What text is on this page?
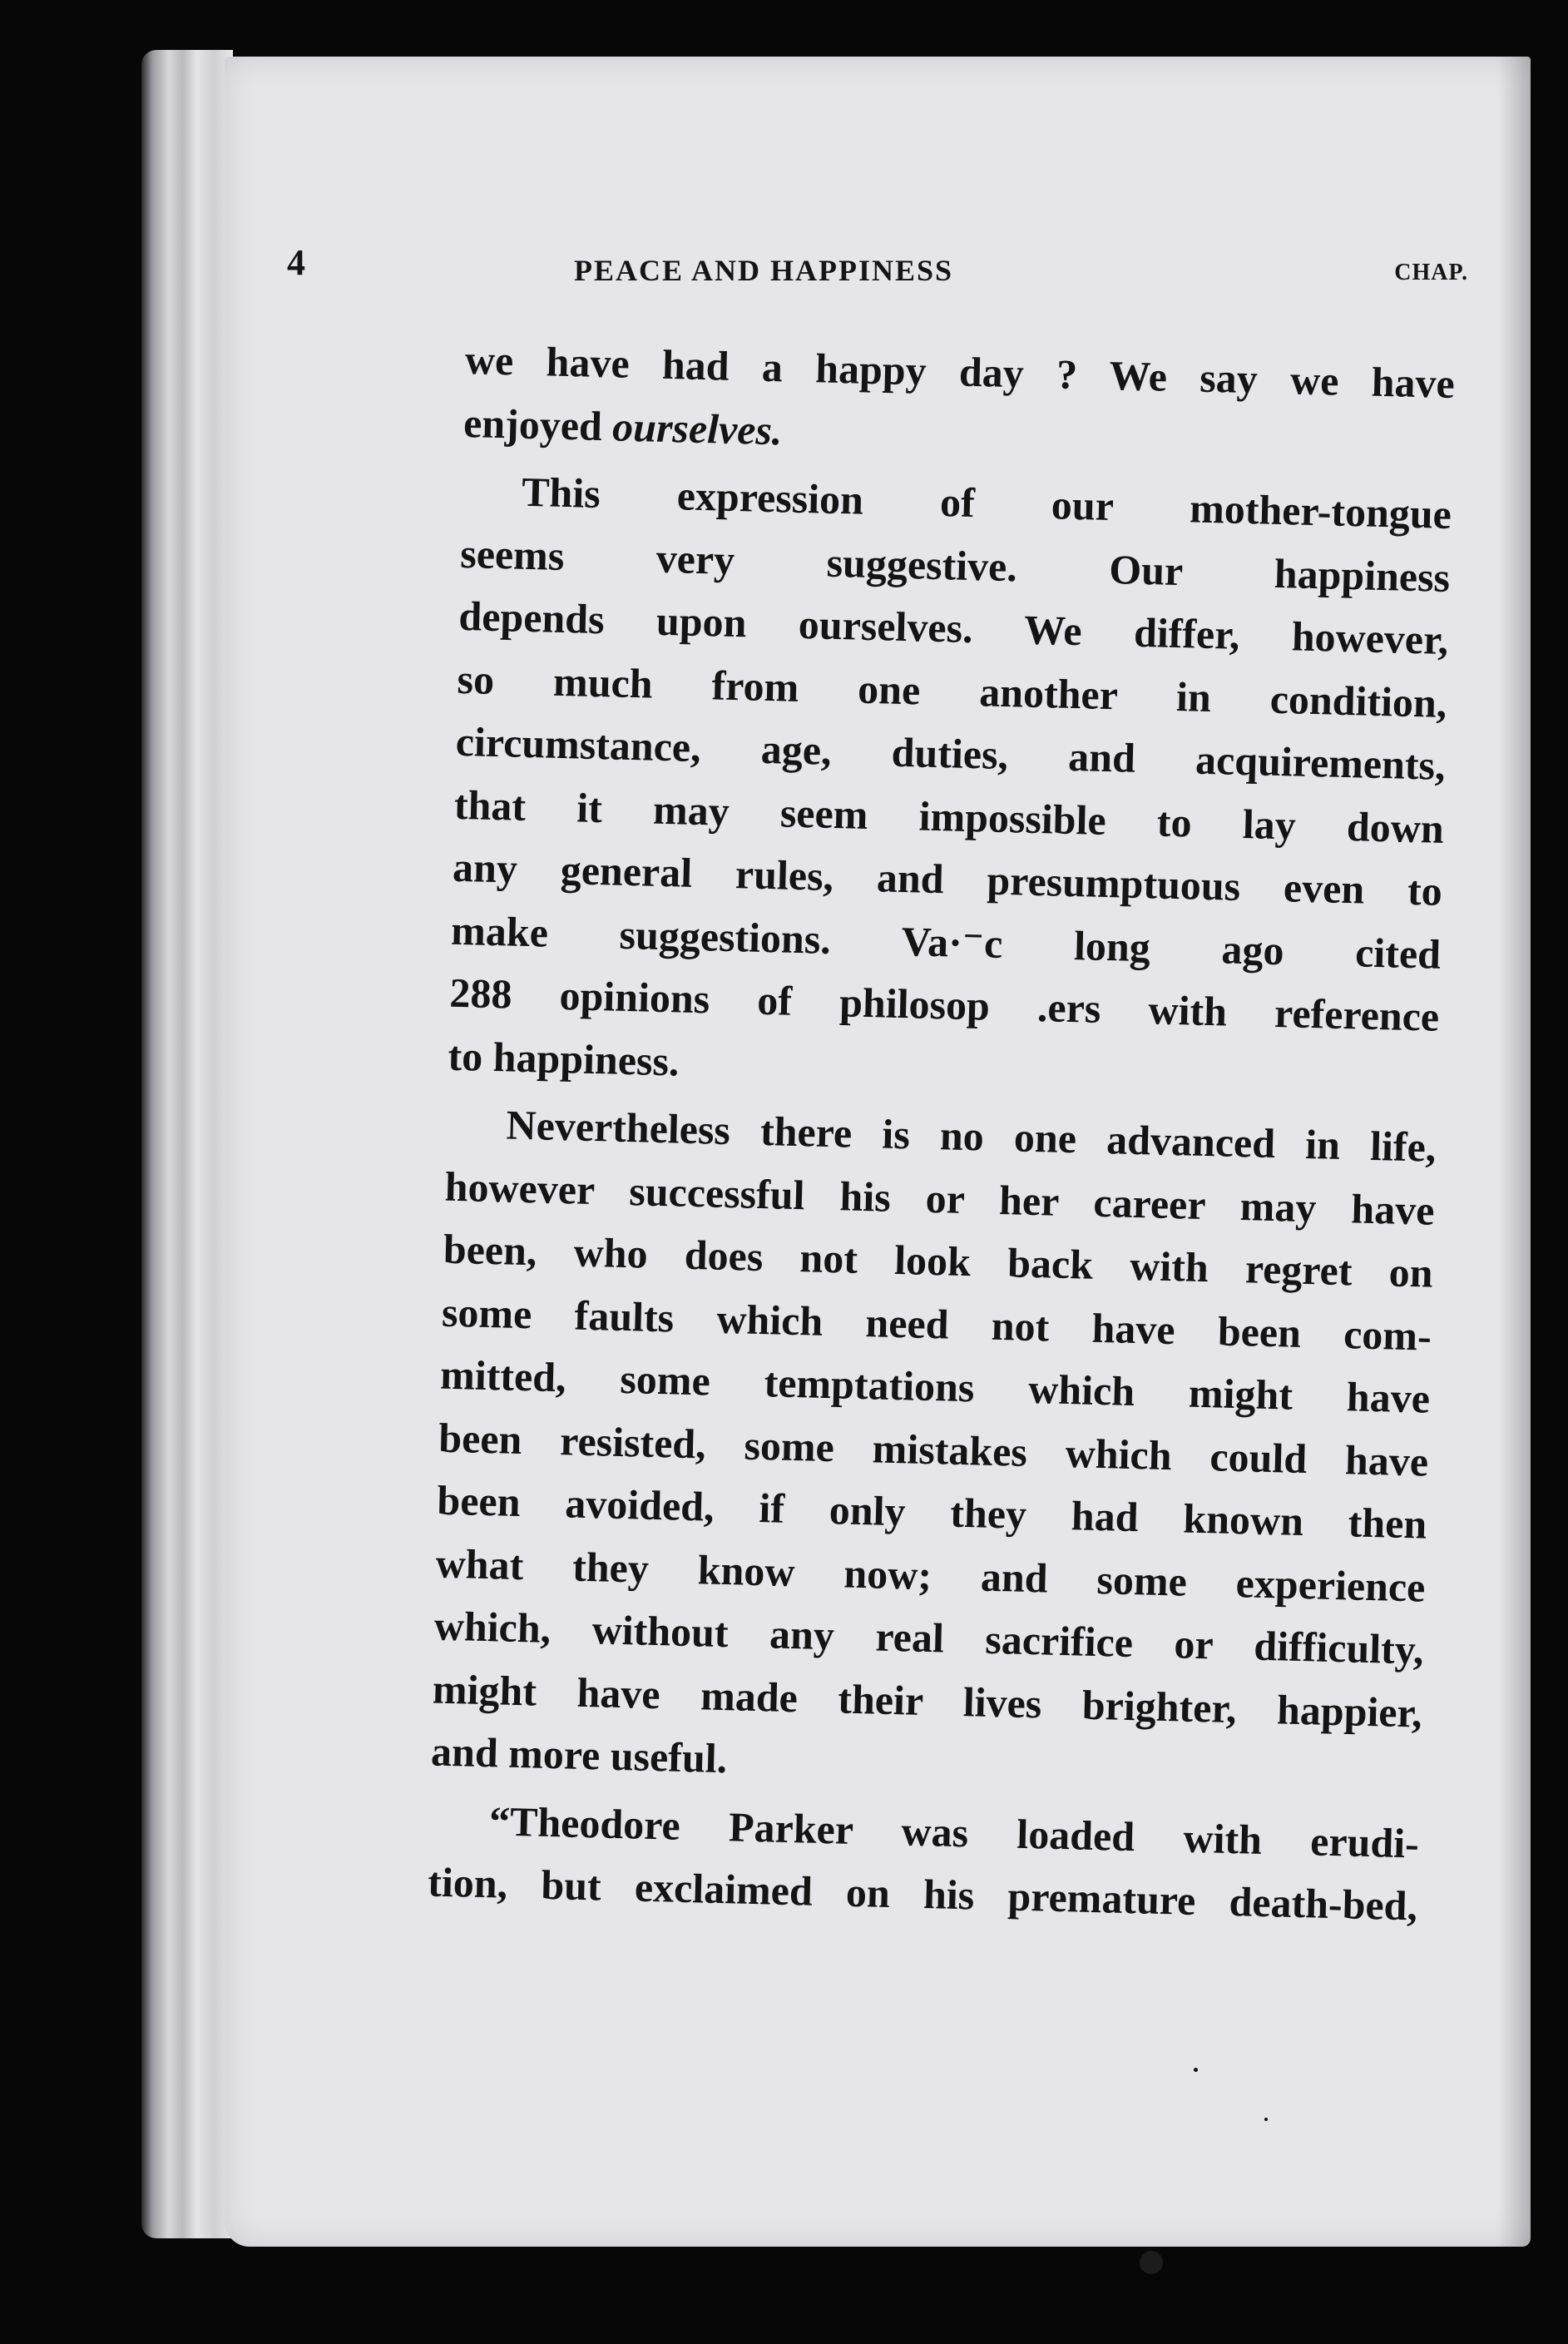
4	PEACE AND HAPPINESS	CHAP.
we have had a happy day ? We say we have
enjoyed ourselves.
This expression of our mother-tongue
seems very suggestive. Our happiness
depends upon ourselves. We differ, however,
so much from one another in condition,
circumstance, age, duties, and acquirements,
that it may seem impossible to lay down
any general rules, and presumptuous even to
make suggestions. Va·⁻c long ago cited
288 opinions of philosop .ers with reference
to happiness.
Nevertheless there is no one advanced in life,
however successful his or her career may have
been, who does not look back with regret on
some faults which need not have been com-
mitted, some temptations which might have
been resisted, some mistakes which could have
been avoided, if only they had known then
what they know now; and some experience
which, without any real sacrifice or difficulty,
might have made their lives brighter, happier,
and more useful.
“Theodore Parker was loaded with erudi-
tion, but exclaimed on his premature death-bed,
